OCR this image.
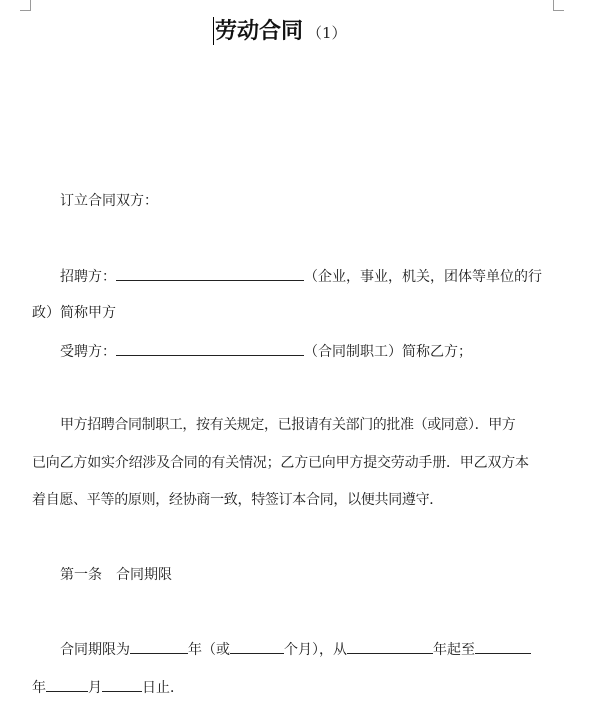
劳动合同 （1）
订立合同双方：
招聘方：	（企业，事业，机关，团体等单位的行
政）简称甲方
受聘方：	（合同制职工）简称乙方；
甲方招聘合同制职工，按有关规定，已报请有关部门的批准（或同意）．甲方
已向乙方如实介绍涉及合同的有关情况；乙方已向甲方提交劳动手册．甲乙双方本
着自愿、平等的原则，经协商一致，特签订本合同，以便共同遵守．
第一条　合同期限
合同期限为	年（或	个月），从	年起至
年	月	日止．
